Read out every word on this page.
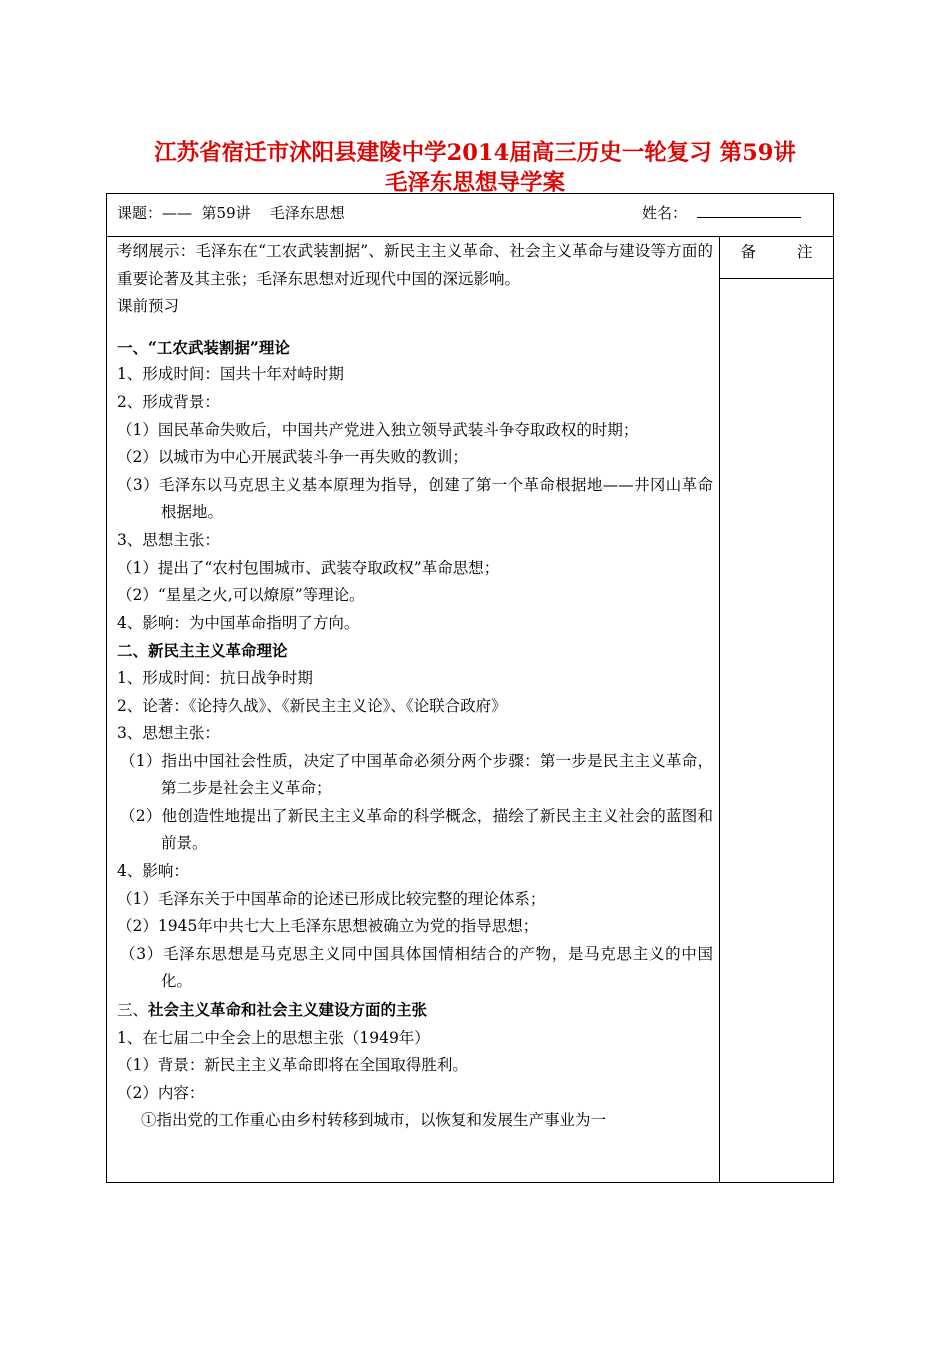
江苏省宿迁市沭阳县建陵中学2014届高三历史一轮复习 第59讲
毛泽东思想导学案
课题：——  第59讲    毛泽东思想	姓名：
备 注

考纲展示：毛泽东在“工农武装割据”、新民主主义革命、社会主义革命与建设等方面的重要论著及其主张；毛泽东思想对近现代中国的深远影响。

课前预习

一、“工农武装割据”理论

1、形成时间：国共十年对峙时期

2、形成背景：

（1）国民革命失败后，中国共产党进入独立领导武装斗争夺取政权的时期；

（2）以城市为中心开展武装斗争一再失败的教训；

（3）毛泽东以马克思主义基本原理为指导，创建了第一个革命根据地——井冈山革命根据地。

3、思想主张：

（1）提出了“农村包围城市、武装夺取政权”革命思想；

（2）“星星之火,可以燎原”等理论。

4、影响：为中国革命指明了方向。

二、新民主主义革命理论

1、形成时间：抗日战争时期

2、论著：《论持久战》、《新民主主义论》、《论联合政府》

3、思想主张：

（1）指出中国社会性质，决定了中国革命必须分两个步骤：第一步是民主主义革命，第二步是社会主义革命；

（2）他创造性地提出了新民主主义革命的科学概念，描绘了新民主主义社会的蓝图和前景。

4、影响：

（1）毛泽东关于中国革命的论述已形成比较完整的理论体系；

（2）1945年中共七大上毛泽东思想被确立为党的指导思想；

（3）毛泽东思想是马克思主义同中国具体国情相结合的产物，是马克思主义的中国化。

三、社会主义革命和社会主义建设方面的主张

1、在七届二中全会上的思想主张（1949年）

（1）背景：新民主主义革命即将在全国取得胜利。

（2）内容：

①指出党的工作重心由乡村转移到城市，以恢复和发展生产事业为一
